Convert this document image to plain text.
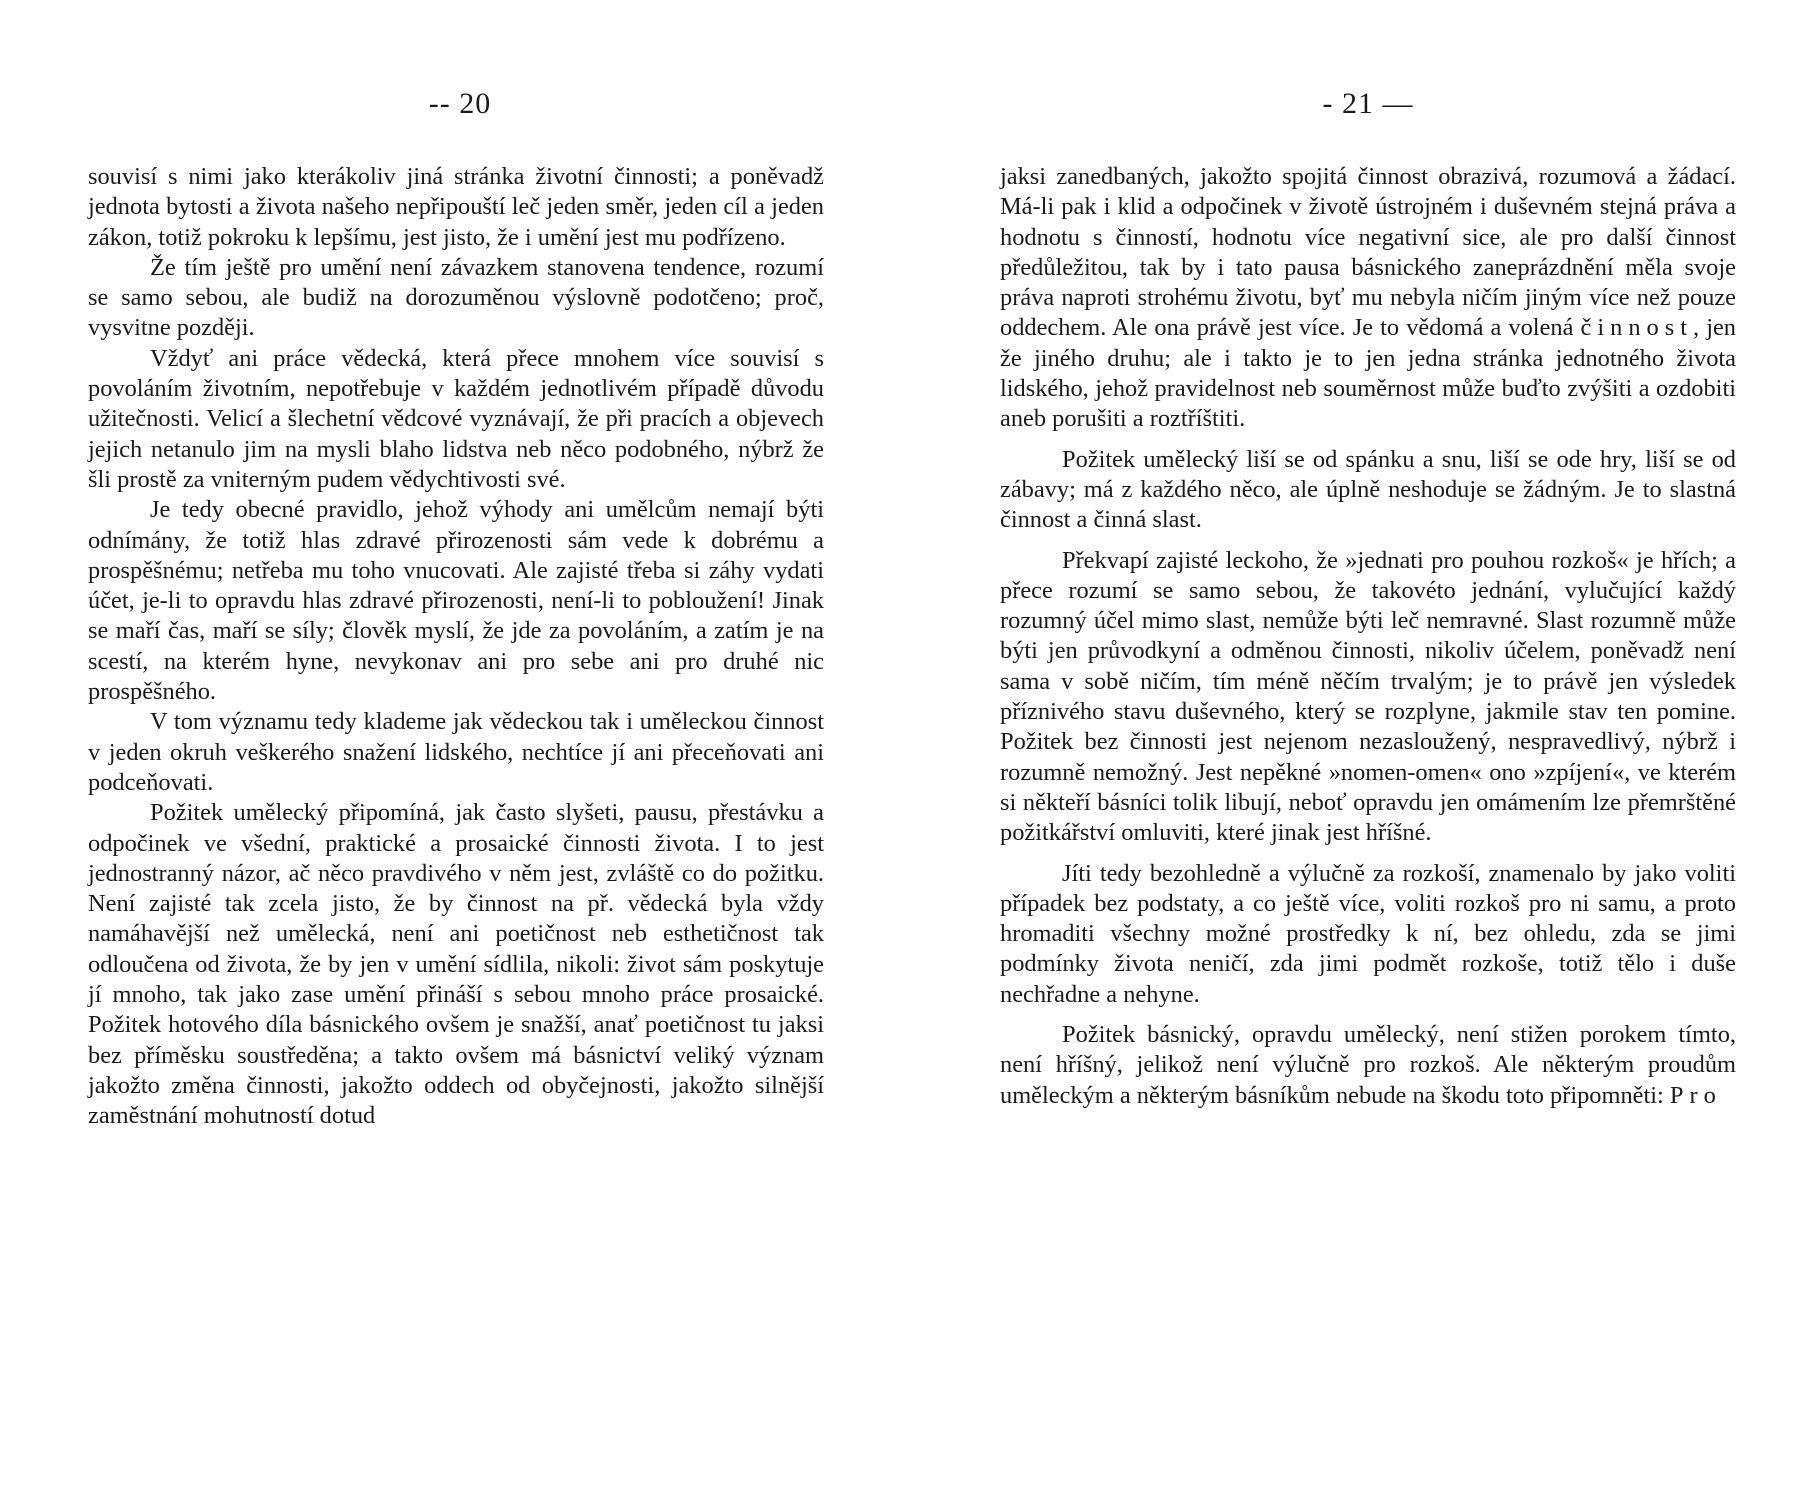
-- 20

souvisí s nimi jako kterákoliv jiná stránka životní činnosti; a poněvadž jednota bytosti a života našeho nepřipouští leč jeden směr, jeden cíl a jeden zákon, totiž pokroku k lepšímu, jest jisto, že i umění jest mu podřízeno.

Že tím ještě pro umění není závazkem stanovena tendence, rozumí se samo sebou, ale budiž na dorozuměnou výslovně podotčeno; proč, vysvitne později.

Vždyť ani práce vědecká, která přece mnohem více souvisí s povoláním životním, nepotřebuje v každém jednotlivém případě důvodu užitečnosti. Velicí a šlechetní vědcové vyznávají, že při pracích a objevech jejich netanulo jim na mysli blaho lidstva neb něco podobného, nýbrž že šli prostě za vniterným pudem vědychtivosti své.

Je tedy obecné pravidlo, jehož výhody ani umělcům nemají býti odnímány, že totiž hlas zdravé přirozenosti sám vede k dobrému a prospěšnému; netřeba mu toho vnucovati. Ale zajisté třeba si záhy vydati účet, je-li to opravdu hlas zdravé přirozenosti, není-li to pobloužení! Jinak se maří čas, maří se síly; člověk myslí, že jde za povoláním, a zatím je na scestí, na kterém hyne, nevykonav ani pro sebe ani pro druhé nic prospěšného.

V tom významu tedy klademe jak vědeckou tak i uměleckou činnost v jeden okruh veškerého snažení lidského, nechtíce jí ani přeceňovati ani podceňovati.

Požitek umělecký připomíná, jak často slyšeti, pausu, přestávku a odpočinek ve všední, praktické a prosaické činnosti života. I to jest jednostranný názor, ač něco pravdivého v něm jest, zvláště co do požitku. Není zajisté tak zcela jisto, že by činnost na př. vědecká byla vždy namáhavější než umělecká, není ani poetičnost neb esthetičnost tak odloučena od života, že by jen v umění sídlila, nikoli: život sám poskytuje jí mnoho, tak jako zase umění přináší s sebou mnoho práce prosaické. Požitek hotového díla básnického ovšem je snažší, anať poetičnost tu jaksi bez příměsku soustředěna; a takto ovšem má básnictví veliký význam jakožto změna činnosti, jakožto oddech od obyčejnosti, jakožto silnější zaměstnání mohutností dotud

- 21 —

jaksi zanedbaných, jakožto spojitá činnost obrazivá, rozumová a žádací. Má-li pak i klid a odpočinek v životě ústrojném i duševném stejná práva a hodnotu s činností, hodnotu více negativní sice, ale pro další činnost předůležitou, tak by i tato pausa básnického zaneprázdnění měla svoje práva naproti strohému životu, byť mu nebyla ničím jiným více než pouze oddechem. Ale ona právě jest více. Je to vědomá a volená činnost, jen že jiného druhu; ale i takto je to jen jedna stránka jednotného života lidského, jehož pravidelnost neb souměrnost může buďto zvýšiti a ozdobiti aneb porušiti a roztříštiti.

Požitek umělecký liší se od spánku a snu, liší se ode hry, liší se od zábavy; má z každého něco, ale úplně neshoduje se žádným. Je to slastná činnost a činná slast.

Překvapí zajisté leckoho, že »jednati pro pouhou rozkoš« je hřích; a přece rozumí se samo sebou, že takovéto jednání, vylučující každý rozumný účel mimo slast, nemůže býti leč nemravné. Slast rozumně může býti jen průvodkyní a odměnou činnosti, nikoliv účelem, poněvadž není sama v sobě ničím, tím méně něčím trvalým; je to právě jen výsledek příznivého stavu duševného, který se rozplyne, jakmile stav ten pomine. Požitek bez činnosti jest nejenom nezasloužený, nespravedlivý, nýbrž i rozumně nemožný. Jest nepěkné »nomen-omen« ono »zpíjení«, ve kterém si někteří básníci tolik libují, neboť opravdu jen omámením lze přemrštěné požitkářství omluviti, které jinak jest hříšné.

Jíti tedy bezohledně a výlučně za rozkoší, znamenalo by jako voliti případek bez podstaty, a co ještě více, voliti rozkoš pro ni samu, a proto hromaditi všechny možné prostředky k ní, bez ohledu, zda se jimi podmínky života neničí, zda jimi podmět rozkoše, totiž tělo i duše nechřadne a nehyne.

Požitek básnický, opravdu umělecký, není stižen porokem tímto, není hříšný, jelikož není výlučně pro rozkoš. Ale některým proudům uměleckým a některým básníkům nebude na škodu toto připomněti: Pro
